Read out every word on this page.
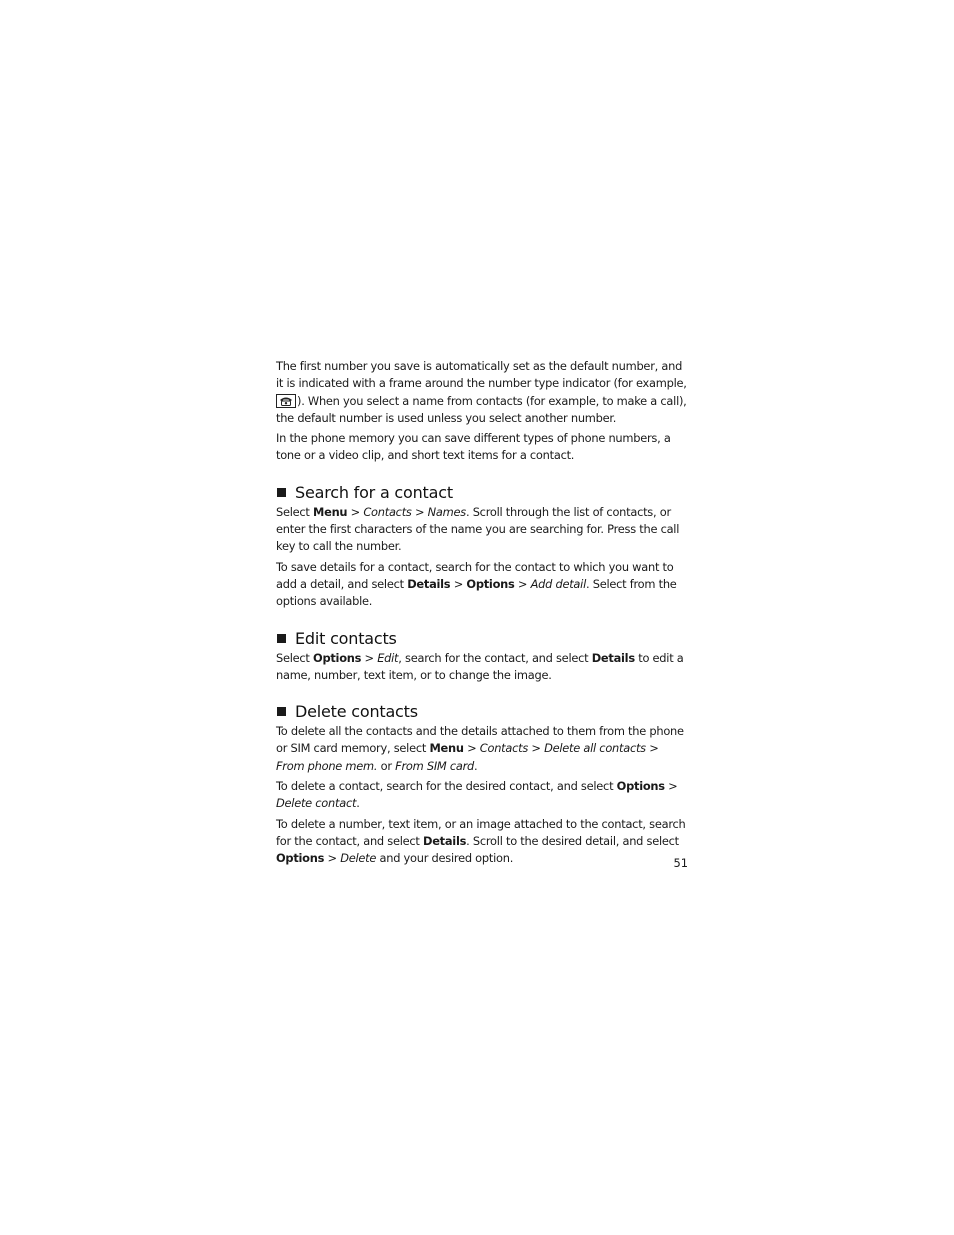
The first number you save is automatically set as the default number, and it is indicated with a frame around the number type indicator (for example,
). When you select a name from contacts (for example, to make a call), the default number is used unless you select another number.

In the phone memory you can save different types of phone numbers, a tone or a video clip, and short text items for a contact.

Search for a contact

Select Menu > Contacts > Names. Scroll through the list of contacts, or enter the first characters of the name you are searching for. Press the call key to call the number.

To save details for a contact, search for the contact to which you want to add a detail, and select Details > Options > Add detail. Select from the options available.

Edit contacts

Select Options > Edit, search for the contact, and select Details to edit a name, number, text item, or to change the image.

Delete contacts

To delete all the contacts and the details attached to them from the phone or SIM card memory, select Menu > Contacts > Delete all contacts > From phone mem. or From SIM card.

To delete a contact, search for the desired contact, and select Options > Delete contact.

To delete a number, text item, or an image attached to the contact, search for the contact, and select Details. Scroll to the desired detail, and select Options > Delete and your desired option.	51
